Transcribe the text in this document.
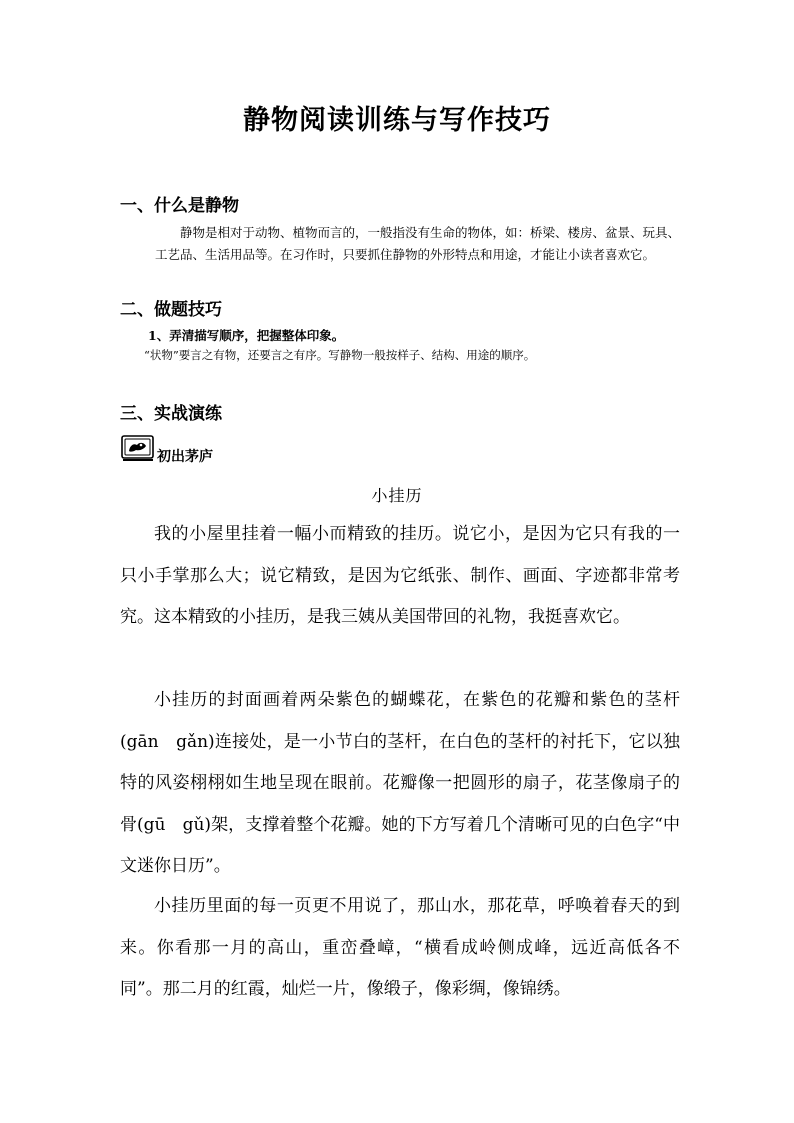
静物阅读训练与写作技巧
一、什么是静物
静物是相对于动物、植物而言的，一般指没有生命的物体，如：桥梁、楼房、盆景、玩具、工艺品、生活用品等。在习作时，只要抓住静物的外形特点和用途，才能让小读者喜欢它。
二、做题技巧
1、弄清描写顺序，把握整体印象。
“状物”要言之有物，还要言之有序。写静物一般按样子、结构、用途的顺序。
三、实战演练
初出茅庐
小挂历
我的小屋里挂着一幅小而精致的挂历。说它小，是因为它只有我的一只小手掌那么大；说它精致，是因为它纸张、制作、画面、字迹都非常考究。这本精致的小挂历，是我三姨从美国带回的礼物，我挺喜欢它。
小挂历的封面画着两朵紫色的蝴蝶花，在紫色的花瓣和紫色的茎杆(gān　gǎn)连接处，是一小节白的茎杆，在白色的茎杆的衬托下，它以独特的风姿栩栩如生地呈现在眼前。花瓣像一把圆形的扇子，花茎像扇子的骨(gū　gǔ)架，支撑着整个花瓣。她的下方写着几个清晰可见的白色字“中文迷你日历”。
小挂历里面的每一页更不用说了，那山水，那花草，呼唤着春天的到来。你看那一月的高山，重峦叠嶂，“横看成岭侧成峰，远近高低各不同”。那二月的红霞，灿烂一片，像缎子，像彩绸，像锦绣。
